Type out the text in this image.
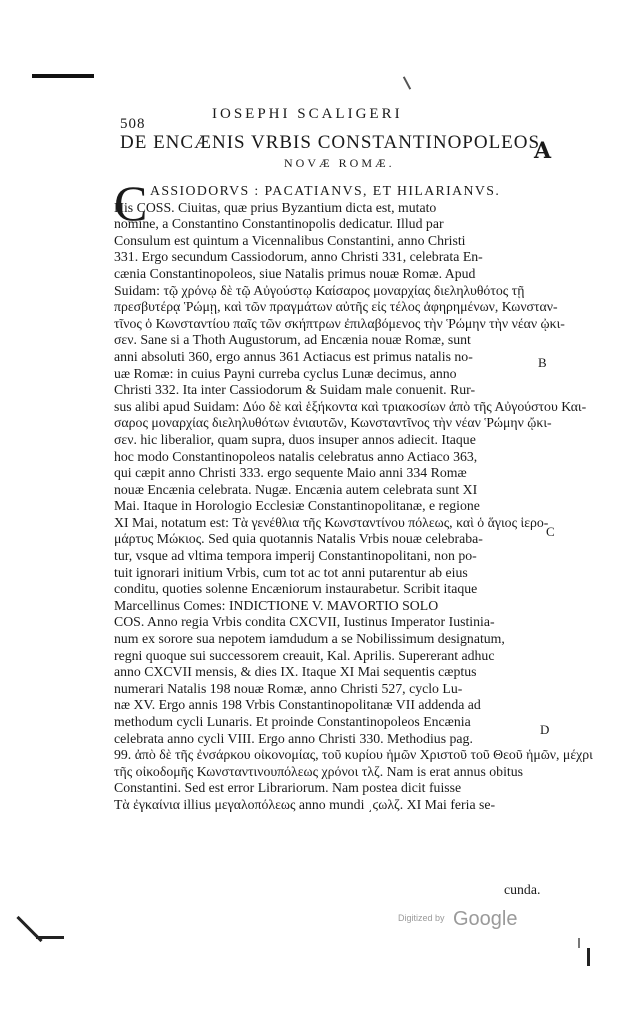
508
IOSEPHI SCALIGERI
DE ENCÆNIS VRBIS CONSTANTINOPOLEOS
NOVÆ ROMÆ.	A
C ASSIODORVS : PACATIANVS, ET HILARIANVS.
His COSS. Ciuitas, quæ prius Byzantium dicta est, mutato
nomine, a Constantino Constantinopolis dedicatur. Illud par
Consulum est quintum a Vicennalibus Constantini, anno Christi
331. Ergo secundum Cassiodorum, anno Christi 331, celebrata En-
cænia Constantinopoleos, siue Natalis primus nouæ Romæ. Apud
Suidam: τῷ χρόνῳ δὲ τῷ Αὐγούστῳ Καίσαρος μοναρχίας διεληλυθότος τῇ
πρεσβυτέρᾳ Ῥώμῃ, καὶ τῶν πραγμάτων αὐτῆς εἰς τέλος ἀφηρημένων, Κωνσταν-
τῖνος ὁ Κωνσταντίου παῖς τῶν σκήπτρων ἐπιλαβόμενος τὴν Ῥώμην τὴν νέαν ᾠκι-
σεν. Sane si a Thoth Augustorum, ad Encænia nouæ Romæ, sunt
anni absoluti 360, ergo annus 361 Actiacus est primus natalis no-
uæ Romæ: in cuius Payni curreba cyclus Lunæ decimus, anno
Christi 332. Ita inter Cassiodorum & Suidam male conuenit. Rur-
sus alibi apud Suidam: Δύο δὲ καὶ ἑξήκοντα καὶ τριακοσίων ἀπὸ τῆς Αὐγούστου Και-
σαρος μοναρχίας διεληλυθότων ἐνιαυτῶν, Κωνσταντῖνος τὴν νέαν Ῥώμην ᾤκι-
σεν. hic liberalior, quam supra, duos insuper annos adiecit. Itaque
hoc modo Constantinopoleos natalis celebratus anno Actiaco 363,
qui cæpit anno Christi 333. ergo sequente Maio anni 334 Romæ
nouæ Encænia celebrata. Nugæ. Encænia autem celebrata sunt XI
Mai. Itaque in Horologio Ecclesiæ Constantinopolitanæ, e regione
XI Mai, notatum est: Τὰ γενέθλια τῆς Κωνσταντίνου πόλεως, καὶ ὁ ἅγιος ἱερο-
μάρτυς Μώκιος. Sed quia quotannis Natalis Vrbis nouæ celebraba-
tur, vsque ad vltima tempora imperij Constantinopolitani, non po-
tuit ignorari initium Vrbis, cum tot ac tot anni putarentur ab eius
conditu, quoties solenne Encæniorum instaurabetur. Scribit itaque
Marcellinus Comes: INDICTIONE V. MAVORTIO SOLO
COS. Anno regia Vrbis condita CXCVII, Iustinus Imperator Iustinia-
num ex sorore sua nepotem iamdudum a se Nobilissimum designatum,
regni quoque sui successorem creauit, Kal. Aprilis. Supererant adhuc
anno CXCVII mensis, & dies IX. Itaque XI Mai sequentis cæptus
numerari Natalis 198 nouæ Romæ, anno Christi 527, cyclo Lu-
næ XV. Ergo annis 198 Vrbis Constantinopolitanæ VII addenda ad
methodum cycli Lunaris. Et proinde Constantinopoleos Encænia
celebrata anno cycli VIII. Ergo anno Christi 330. Methodius pag.
99. ἀπὸ δὲ τῆς ἐνσάρκου οἰκονομίας, τοῦ κυρίου ἡμῶν Χριστοῦ τοῦ Θεοῦ ἡμῶν, μέχρι
τῆς οἰκοδομῆς Κωνσταντινουπόλεως χρόνοι τλζ. Nam is erat annus obitus
Constantini. Sed est error Librariorum. Nam postea dicit fuisse
Τὰ ἐγκαίνια illius μεγαλοπόλεως anno mundi ͵ϛωλζ. XI Mai feria se-
B
C
D
cunda.
$^{Digitized by}$ Google
